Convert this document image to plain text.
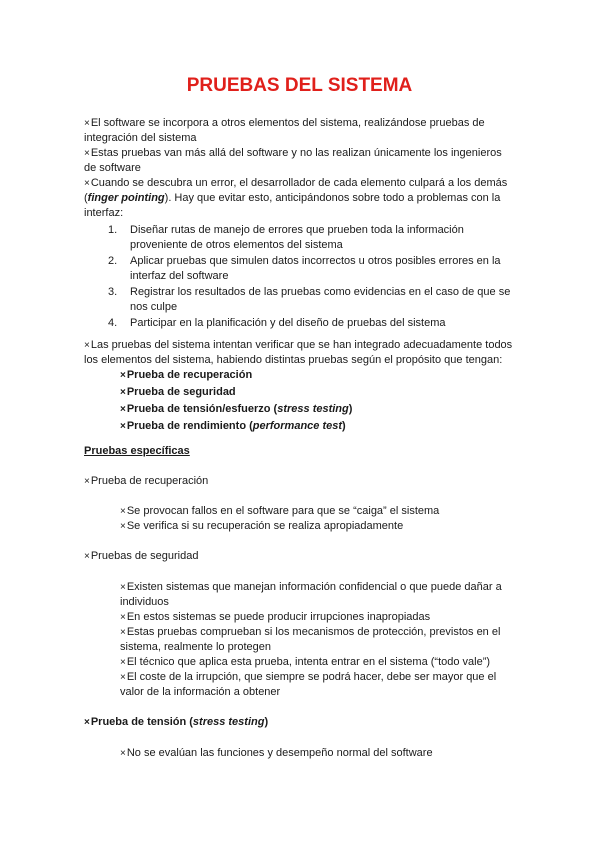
PRUEBAS DEL SISTEMA

×El software se incorpora a otros elementos del sistema, realizándose pruebas de integración del sistema

×Estas pruebas van más allá del software y no las realizan únicamente los ingenieros de software

×Cuando se descubra un error, el desarrollador de cada elemento culpará a los demás (finger pointing). Hay que evitar esto, anticipándonos sobre todo a problemas con la interfaz:

1. Diseñar rutas de manejo de errores que prueben toda la información proveniente de otros elementos del sistema
2. Aplicar pruebas que simulen datos incorrectos u otros posibles errores en la interfaz del software
3. Registrar los resultados de las pruebas como evidencias en el caso de que se nos culpe
4. Participar en la planificación y del diseño de pruebas del sistema

×Las pruebas del sistema intentan verificar que se han integrado adecuadamente todos los elementos del sistema, habiendo distintas pruebas según el propósito que tengan:

×Prueba de recuperación
×Prueba de seguridad
×Prueba de tensión/esfuerzo (stress testing)
×Prueba de rendimiento (performance test)
Pruebas específicas
×Prueba de recuperación
×Se provocan fallos en el software para que se “caiga” el sistema
×Se verifica si su recuperación se realiza apropiadamente
×Pruebas de seguridad
×Existen sistemas que manejan información confidencial o que puede dañar a individuos
×En estos sistemas se puede producir irrupciones inapropiadas
×Estas pruebas comprueban si los mecanismos de protección, previstos en el sistema, realmente lo protegen
×El técnico que aplica esta prueba, intenta entrar en el sistema (“todo vale”)
×El coste de la irrupción, que siempre se podrá hacer, debe ser mayor que el valor de la información a obtener
×Prueba de tensión (stress testing)
×No se evalúan las funciones y desempeño normal del software
